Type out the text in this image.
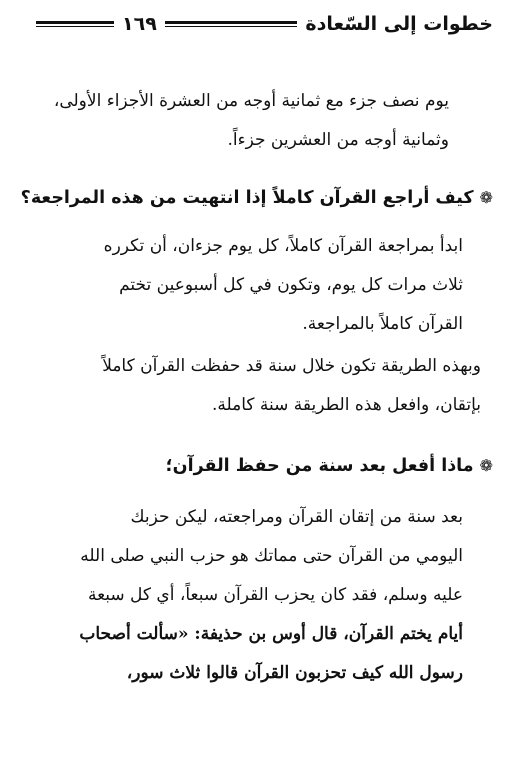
خطوات إلى السّعادة
١٦٩

يوم نصف جزء مع ثمانية أوجه من العشرة الأجزاء الأولى،
وثمانية أوجه من العشرين جزءاً.

❁كيف أراجع القرآن كاملاً إذا انتهيت من هذه المراجعة؟

ابدأ بمراجعة القرآن كاملاً، كل يوم جزءان، أن تكرره
ثلاث مرات كل يوم، وتكون في كل أسبوعين تختم
القرآن كاملاً بالمراجعة.

وبهذه الطريقة تكون خلال سنة قد حفظت القرآن كاملاً
بإتقان، وافعل هذه الطريقة سنة كاملة.

❁ماذا أفعل بعد سنة من حفظ القرآن؛

بعد سنة من إتقان القرآن ومراجعته، ليكن حزبك
اليومي من القرآن حتى مماتك هو حزب النبي صلى الله
عليه وسلم، فقد كان يحزب القرآن سبعاً، أي كل سبعة
أيام يختم القرآن، قال أوس بن حذيفة: «سألت أصحاب
رسول الله كيف تحزبون القرآن قالوا ثلاث سور،
